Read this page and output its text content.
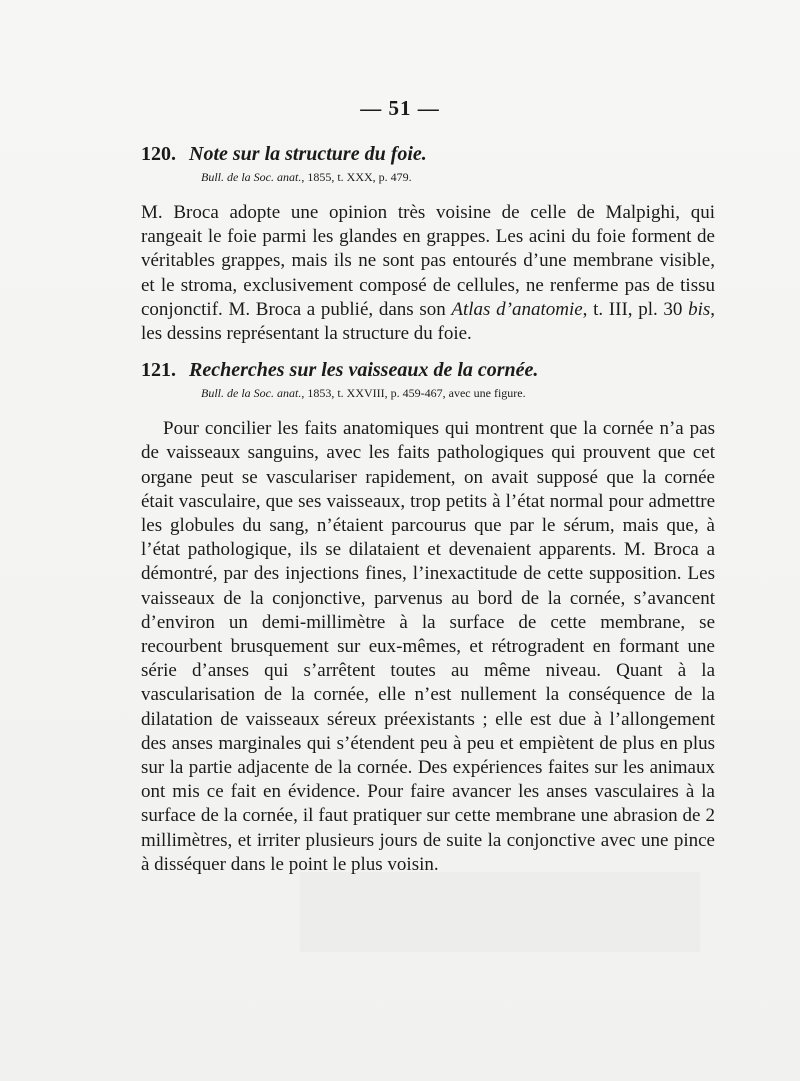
— 51 —
120. Note sur la structure du foie.
Bull. de la Soc. anat., 1855, t. XXX, p. 479.

M. Broca adopte une opinion très voisine de celle de Malpighi, qui rangeait le foie parmi les glandes en grappes. Les acini du foie forment de véritables grappes, mais ils ne sont pas entourés d’une membrane visible, et le stroma, exclusivement composé de cellules, ne renferme pas de tissu conjonctif. M. Broca a publié, dans son Atlas d’anatomie, t. III, pl. 30 bis, les dessins représentant la structure du foie.

121. Recherches sur les vaisseaux de la cornée.
Bull. de la Soc. anat., 1853, t. XXVIII, p. 459-467, avec une figure.

Pour concilier les faits anatomiques qui montrent que la cornée n’a pas de vaisseaux sanguins, avec les faits pathologiques qui prouvent que cet organe peut se vasculariser rapidement, on avait supposé que la cornée était vasculaire, que ses vaisseaux, trop petits à l’état normal pour admettre les globules du sang, n’étaient parcourus que par le sérum, mais que, à l’état pathologique, ils se dilataient et devenaient apparents. M. Broca a démontré, par des injections fines, l’inexactitude de cette supposition. Les vaisseaux de la conjonctive, parvenus au bord de la cornée, s’avancent d’environ un demi-millimètre à la surface de cette membrane, se recourbent brusquement sur eux-mêmes, et rétrogradent en formant une série d’anses qui s’arrêtent toutes au même niveau. Quant à la vascularisation de la cornée, elle n’est nullement la conséquence de la dilatation de vaisseaux séreux préexistants ; elle est due à l’allongement des anses marginales qui s’étendent peu à peu et empiètent de plus en plus sur la partie adjacente de la cornée. Des expériences faites sur les animaux ont mis ce fait en évidence. Pour faire avancer les anses vasculaires à la surface de la cornée, il faut pratiquer sur cette membrane une abrasion de 2 millimètres, et irriter plusieurs jours de suite la conjonctive avec une pince à disséquer dans le point le plus voisin.
